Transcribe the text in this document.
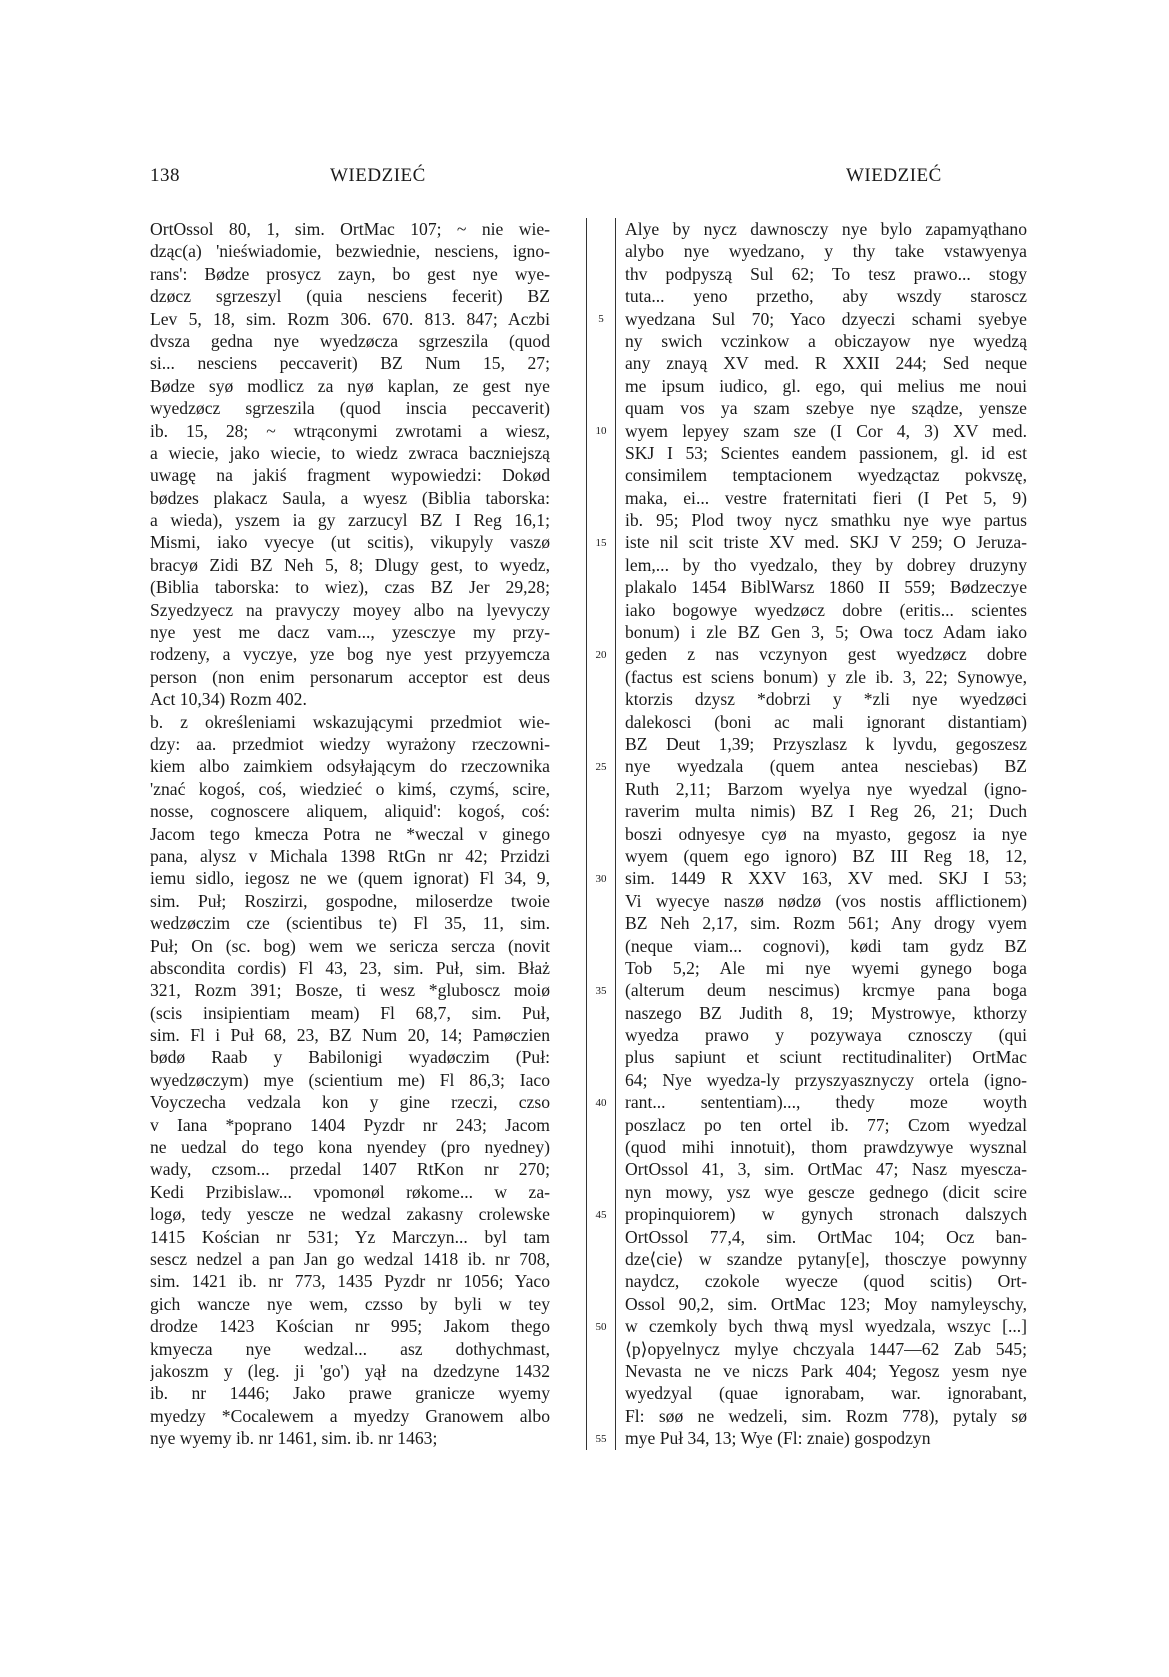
138	WIEDZIEĆ	WIEDZIEĆ
OrtOssol 80, 1, sim. OrtMac 107; ~ nie wie-
dząc(a) 'nieświadomie, bezwiednie, nesciens, igno-
rans': Bødze prosycz zayn, bo gest nye wye-
dzøcz sgrzeszyl (quia nesciens fecerit) BZ
Lev 5, 18, sim. Rozm 306. 670. 813. 847; Aczbi
dvsza gedna nye wyedzøcza sgrzeszila (quod
si... nesciens peccaverit) BZ Num 15, 27;
Bødze syø modlicz za nyø kaplan, ze gest nye
wyedzøcz sgrzeszila (quod inscia peccaverit)
ib. 15, 28; ~ wtrąconymi zwrotami a wiesz,
a wiecie, jako wiecie, to wiedz zwraca baczniejszą
uwagę na jakiś fragment wypowiedzi: Dokød
bødzes plakacz Saula, a wyesz (Biblia taborska:
a wieda), yszem ia gy zarzucyl BZ I Reg 16,1;
Mismi, iako vyecye (ut scitis), vikupyly vaszø
bracyø Zidi BZ Neh 5, 8; Dlugy gest, to wyedz,
(Biblia taborska: to wiez), czas BZ Jer 29,28;
Szyedzyecz na pravyczy moyey albo na lyevyczy
nye yest me dacz vam..., yzesczye my przy-
rodzeny, a vyczye, yze bog nye yest przyyemcza
person (non enim personarum acceptor est deus
Act 10,34) Rozm 402.
b. z określeniami wskazującymi przedmiot wie-
dzy: aa. przedmiot wiedzy wyrażony rzeczowni-
kiem albo zaimkiem odsyłającym do rzeczownika
'znać kogoś, coś, wiedzieć o kimś, czymś, scire,
nosse, cognoscere aliquem, aliquid': kogoś, coś:
Jacom tego kmecza Potra ne *weczal v ginego
pana, alysz v Michala 1398 RtGn nr 42; Przidzi
iemu sidlo, iegosz ne we (quem ignorat) Fl 34, 9,
sim. Puł; Roszirzi, gospodne, miloserdze twoie
wedzøczim cze (scientibus te) Fl 35, 11, sim.
Puł; On (sc. bog) wem we sericza sercza (novit
abscondita cordis) Fl 43, 23, sim. Puł, sim. Błaż
321, Rozm 391; Bosze, ti wesz *gluboscz moiø
(scis insipientiam meam) Fl 68,7, sim. Puł,
sim. Fl i Puł 68, 23, BZ Num 20, 14; Pamøczien
bødø Raab y Babilonigi wyadøczim (Puł:
wyedzøczym) mye (scientium me) Fl 86,3; Iaco
Voyczecha vedzala kon y gine rzeczi, czso
v Iana *poprano 1404 Pyzdr nr 243; Jacom
ne uedzal do tego kona nyendey (pro nyedney)
wady, czsom... przedal 1407 RtKon nr 270;
Kedi Przibislaw... vpomonøl røkome... w za-
logø, tedy yescze ne wedzal zakasny crolewske
1415 Kościan nr 531; Yz Marczyn... byl tam
sescz nedzel a pan Jan go wedzal 1418 ib. nr 708,
sim. 1421 ib. nr 773, 1435 Pyzdr nr 1056; Yaco
gich wancze nye wem, czsso by byli w tey
drodze 1423 Kościan nr 995; Jakom thego
kmyecza nye wedzal... asz dothychmast,
jakoszm y (leg. ji 'go') yął na dzedzyne 1432
ib. nr 1446; Jako prawe granicze wyemy
myedzy *Cocalewem a myedzy Granowem albo
nye wyemy ib. nr 1461, sim. ib. nr 1463;
5
10
15
20
25
30
35
40
45
50
55
Alye by nycz dawnosczy nye bylo zapamyąthano
alybo nye wyedzano, y thy take vstawyenya
thv podpyszą Sul 62; To tesz prawo... stogy
tuta... yeno przetho, aby wszdy staroscz
wyedzana Sul 70; Yaco dzyeczi schami syebye
ny swich vczinkow a obiczayow nye wyedzą
any znayą XV med. R XXII 244; Sed neque
me ipsum iudico, gl. ego, qui melius me noui
quam vos ya szam szebye nye sządze, yensze
wyem lepyey szam sze (I Cor 4, 3) XV med.
SKJ I 53; Scientes eandem passionem, gl. id est
consimilem temptacionem wyedząctaz pokvszę,
maka, ei... vestre fraternitati fieri (I Pet 5, 9)
ib. 95; Plod twoy nycz smathku nye wye partus
iste nil scit triste XV med. SKJ V 259; O Jeruza-
lem,... by tho vyedzalo, they by dobrey druzyny
plakalo 1454 BiblWarsz 1860 II 559; Bødzeczye
iako bogowye wyedzøcz dobre (eritis... scientes
bonum) i zle BZ Gen 3, 5; Owa tocz Adam iako
geden z nas vczynyon gest wyedzøcz dobre
(factus est sciens bonum) y zle ib. 3, 22; Synowye,
ktorzis dzysz *dobrzi y *zli nye wyedzøci
dalekosci (boni ac mali ignorant distantiam)
BZ Deut 1,39; Przyszlasz k lyvdu, gegoszesz
nye wyedzala (quem antea nesciebas) BZ
Ruth 2,11; Barzom wyelya nye wyedzal (igno-
raverim multa nimis) BZ I Reg 26, 21; Duch
boszi odnyesye cyø na myasto, gegosz ia nye
wyem (quem ego ignoro) BZ III Reg 18, 12,
sim. 1449 R XXV 163, XV med. SKJ I 53;
Vi wyecye naszø nødzø (vos nostis afflictionem)
BZ Neh 2,17, sim. Rozm 561; Any drogy vyem
(neque viam... cognovi), kødi tam gydz BZ
Tob 5,2; Ale mi nye wyemi gynego boga
(alterum deum nescimus) krcmye pana boga
naszego BZ Judith 8, 19; Mystrowye, kthorzy
wyedza prawo y pozywaya cznosczy (qui
plus sapiunt et sciunt rectitudinaliter) OrtMac
64; Nye wyedza-ly przyszyasznyczy ortela (igno-
rant... sententiam)..., thedy moze woyth
poszlacz po ten ortel ib. 77; Czom wyedzal
(quod mihi innotuit), thom prawdzywye wysznal
OrtOssol 41, 3, sim. OrtMac 47; Nasz myescza-
nyn mowy, ysz wye gescze gednego (dicit scire
propinquiorem) w gynych stronach dalszych
OrtOssol 77,4, sim. OrtMac 104; Ocz ban-
dze⟨cie⟩ w szandze pytany[e], thosczye powynny
naydcz, czokole wyecze (quod scitis) Ort-
Ossol 90,2, sim. OrtMac 123; Moy namyleyschy,
w czemkoly bych thwą mysl wyedzala, wszyc [...]
⟨p⟩opyelnycz mylye chczyala 1447—62 Zab 545;
Nevasta ne ve niczs Park 404; Yegosz yesm nye
wyedzyal (quae ignorabam, war. ignorabant,
Fl: søø ne wedzeli, sim. Rozm 778), pytaly sø
mye Puł 34, 13; Wye (Fl: znaie) gospodzyn
